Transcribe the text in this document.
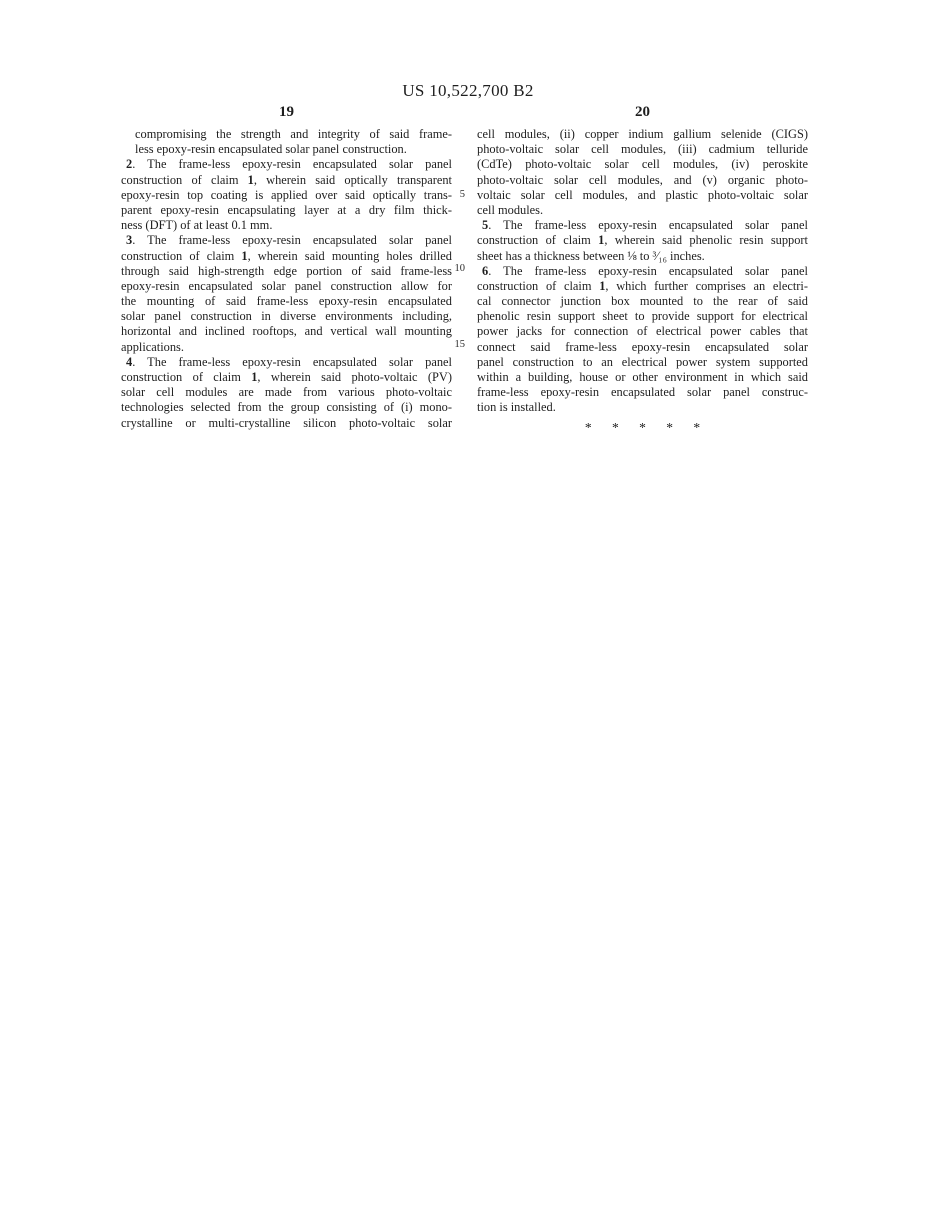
US 10,522,700 B2
19	20
compromising the strength and integrity of said frame-
less epoxy-resin encapsulated solar panel construction.
2. The frame-less epoxy-resin encapsulated solar panel
construction of claim 1, wherein said optically transparent
epoxy-resin top coating is applied over said optically trans-
parent epoxy-resin encapsulating layer at a dry film thick-
ness (DFT) of at least 0.1 mm.
3. The frame-less epoxy-resin encapsulated solar panel
construction of claim 1, wherein said mounting holes drilled
through said high-strength edge portion of said frame-less
epoxy-resin encapsulated solar panel construction allow for
the mounting of said frame-less epoxy-resin encapsulated
solar panel construction in diverse environments including,
horizontal and inclined rooftops, and vertical wall mounting
applications.
4. The frame-less epoxy-resin encapsulated solar panel
construction of claim 1, wherein said photo-voltaic (PV)
solar cell modules are made from various photo-voltaic
technologies selected from the group consisting of (i) mono-
crystalline or multi-crystalline silicon photo-voltaic solar
5
10
15
cell modules, (ii) copper indium gallium selenide (CIGS)
photo-voltaic solar cell modules, (iii) cadmium telluride
(CdTe) photo-voltaic solar cell modules, (iv) peroskite
photo-voltaic solar cell modules, and (v) organic photo-
voltaic solar cell modules, and plastic photo-voltaic solar
cell modules.
5. The frame-less epoxy-resin encapsulated solar panel
construction of claim 1, wherein said phenolic resin support
sheet has a thickness between ⅛ to ³⁄₁₆ inches.
6. The frame-less epoxy-resin encapsulated solar panel
construction of claim 1, which further comprises an electri-
cal connector junction box mounted to the rear of said
phenolic resin support sheet to provide support for electrical
power jacks for connection of electrical power cables that
connect said frame-less epoxy-resin encapsulated solar
panel construction to an electrical power system supported
within a building, house or other environment in which said
frame-less epoxy-resin encapsulated solar panel construc-
tion is installed.
* * * * *
